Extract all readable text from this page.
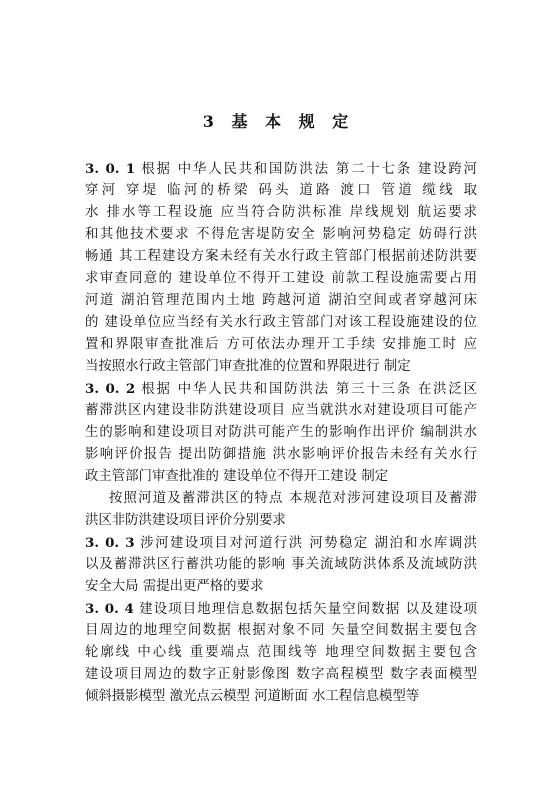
3 基 本 规 定
3. 0. 1 根据 中华人民共和国防洪法 第二十七条 建设跨河
穿河 穿堤 临河的桥梁 码头 道路 渡口 管道 缆线 取
水 排水等工程设施 应当符合防洪标准 岸线规划 航运要求
和其他技术要求 不得危害堤防安全 影响河势稳定 妨碍行洪
畅通 其工程建设方案未经有关水行政主管部门根据前述防洪要
求审查同意的 建设单位不得开工建设 前款工程设施需要占用
河道 湖泊管理范围内土地 跨越河道 湖泊空间或者穿越河床
的 建设单位应当经有关水行政主管部门对该工程设施建设的位
置和界限审查批准后 方可依法办理开工手续 安排施工时 应
当按照水行政主管部门审查批准的位置和界限进行 制定
3. 0. 2 根据 中华人民共和国防洪法 第三十三条 在洪泛区
蓄滞洪区内建设非防洪建设项目 应当就洪水对建设项目可能产
生的影响和建设项目对防洪可能产生的影响作出评价 编制洪水
影响评价报告 提出防御措施 洪水影响评价报告未经有关水行
政主管部门审查批准的 建设单位不得开工建设 制定
按照河道及蓄滞洪区的特点 本规范对涉河建设项目及蓄滞
洪区非防洪建设项目评价分别要求
3. 0. 3 涉河建设项目对河道行洪 河势稳定 湖泊和水库调洪
以及蓄滞洪区行蓄洪功能的影响 事关流域防洪体系及流域防洪
安全大局 需提出更严格的要求
3. 0. 4 建设项目地理信息数据包括矢量空间数据 以及建设项
目周边的地理空间数据 根据对象不同 矢量空间数据主要包含
轮廓线 中心线 重要端点 范围线等 地理空间数据主要包含
建设项目周边的数字正射影像图 数字高程模型 数字表面模型
倾斜摄影模型 激光点云模型 河道断面 水工程信息模型等
